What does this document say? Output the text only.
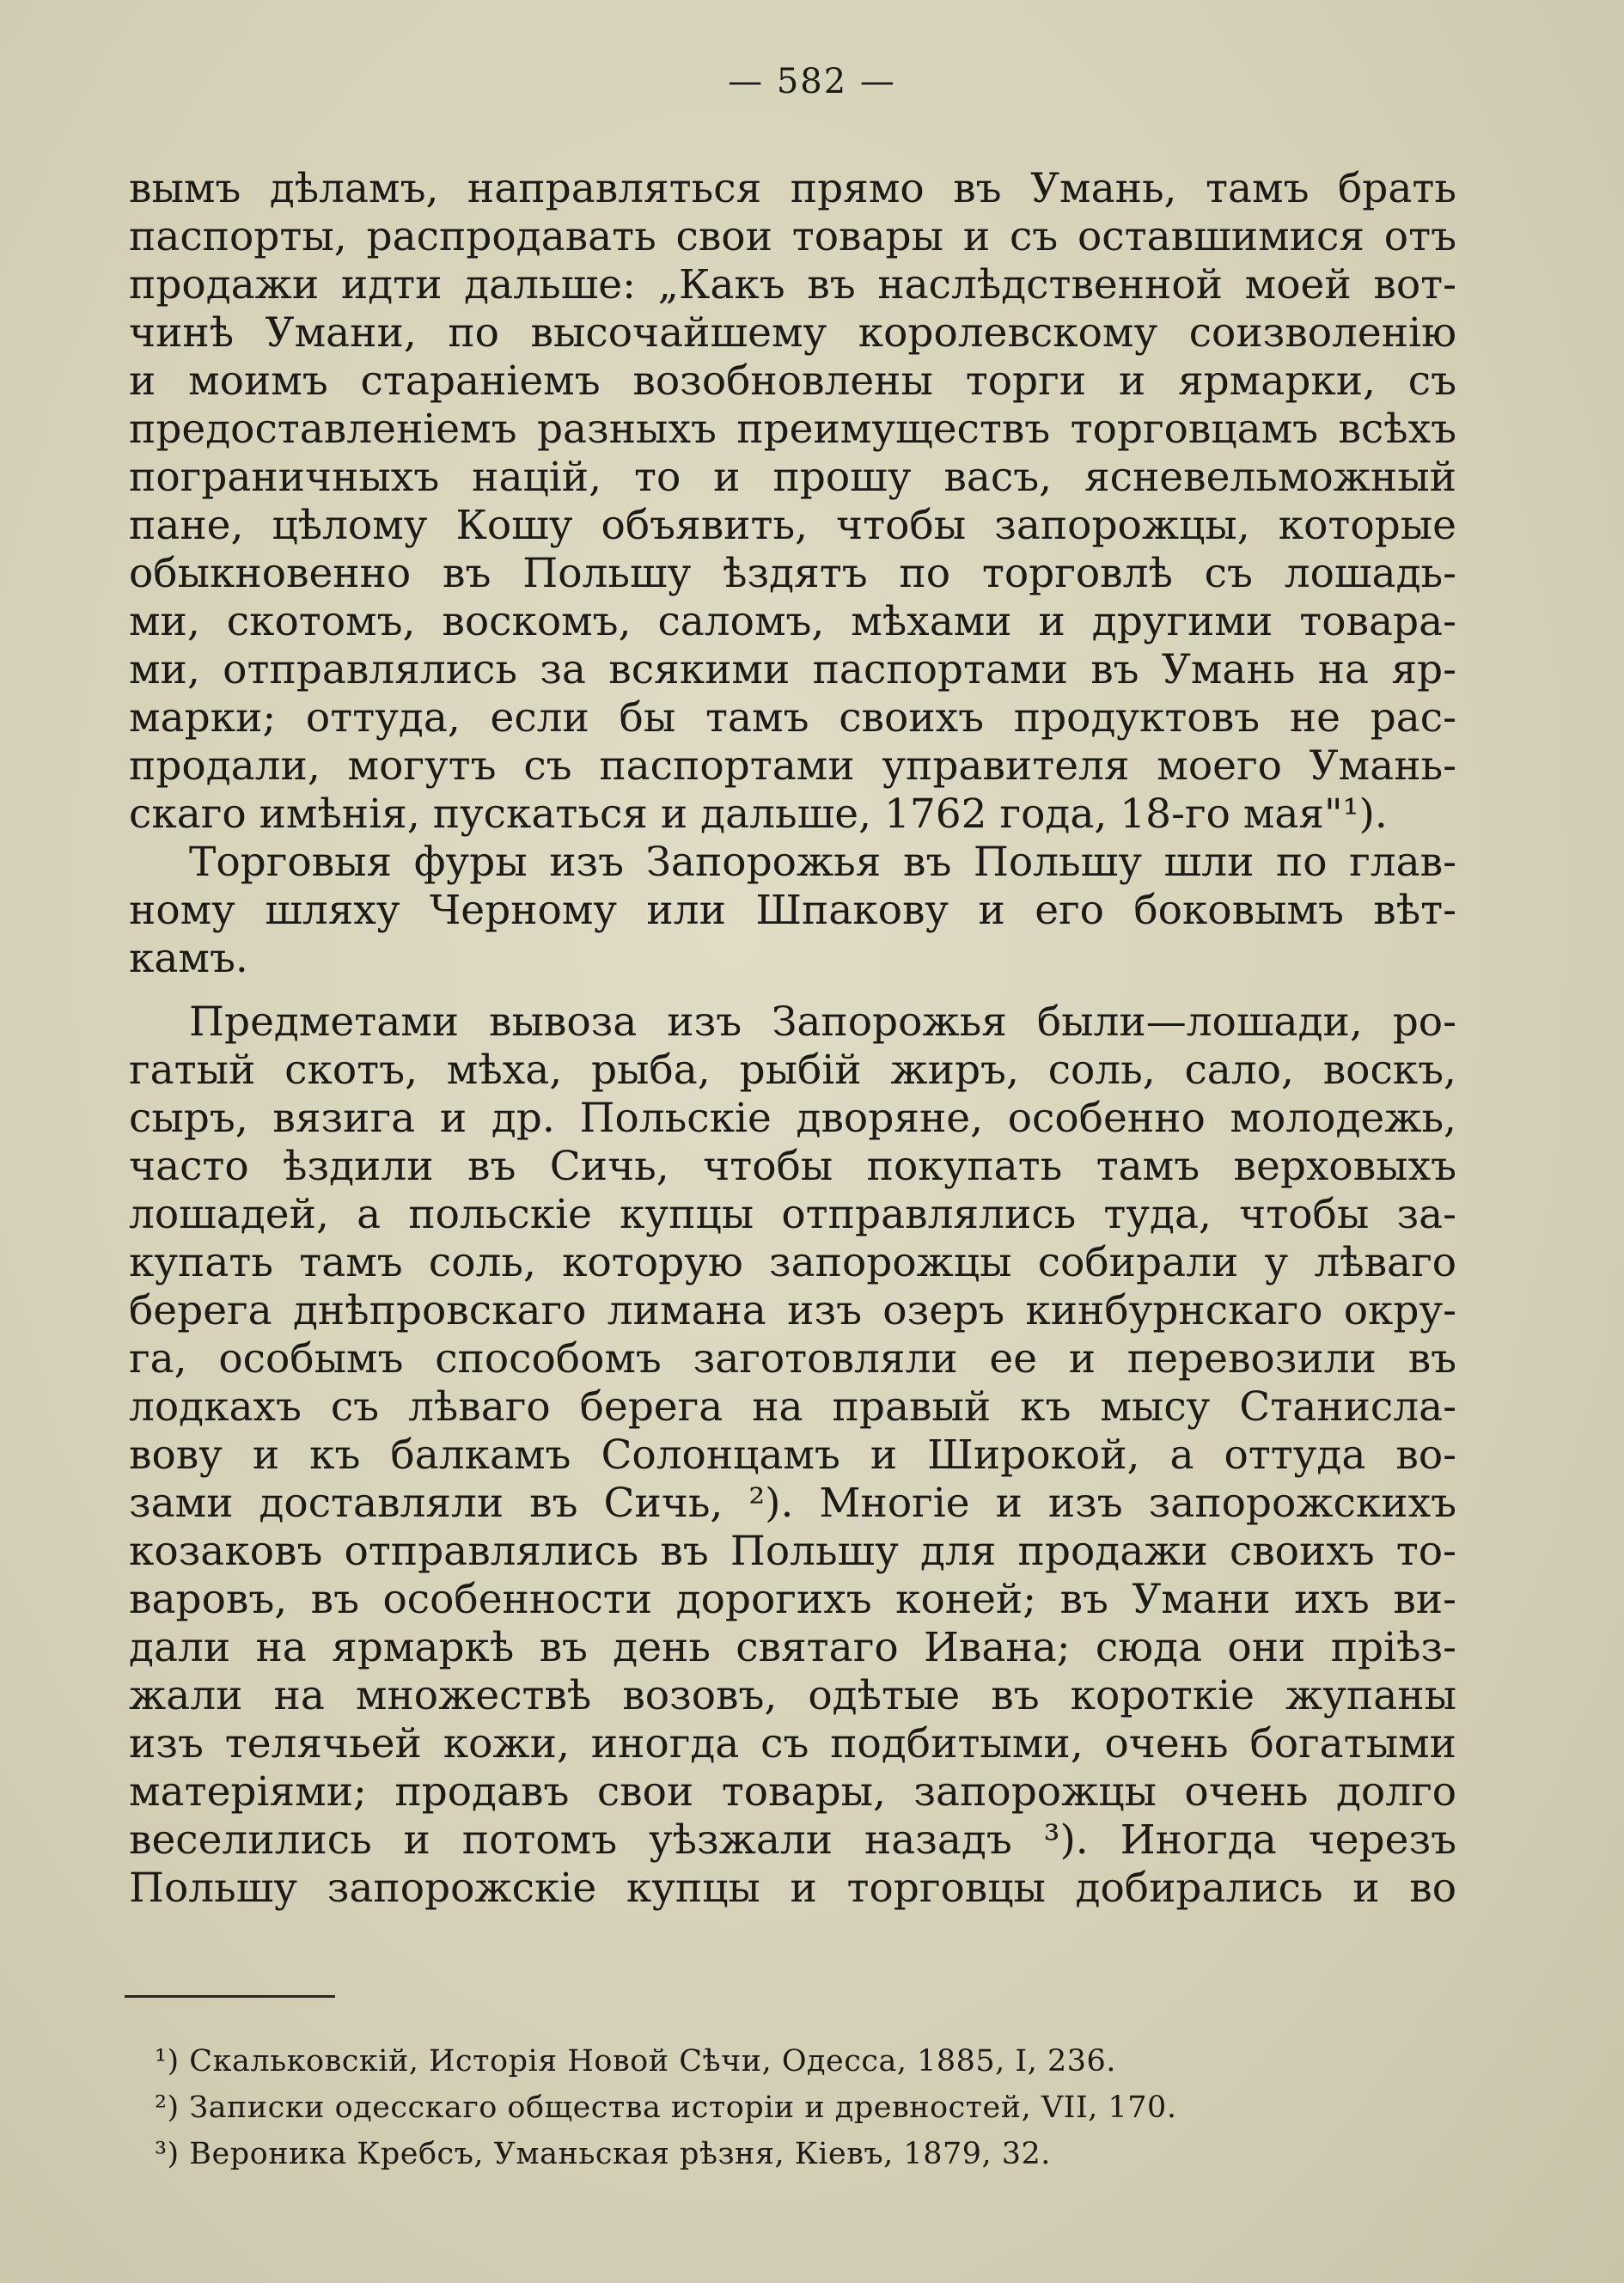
— 582 —
вымъ дѣламъ, направляться прямо въ Умань, тамъ брать
паспорты, распродавать свои товары и съ оставшимися отъ
продажи идти дальше: „Какъ въ наслѣдственной моей вот-
чинѣ Умани, по высочайшему королевскому соизволенію
и моимъ стараніемъ возобновлены торги и ярмарки, съ
предоставленіемъ разныхъ преимуществъ торговцамъ всѣхъ
пограничныхъ націй, то и прошу васъ, ясневельможный
пане, цѣлому Кошу объявить, чтобы запорожцы, которые
обыкновенно въ Польшу ѣздятъ по торговлѣ съ лошадь-
ми, скотомъ, воскомъ, саломъ, мѣхами и другими товара-
ми, отправлялись за всякими паспортами въ Умань на яр-
марки; оттуда, если бы тамъ своихъ продуктовъ не рас-
продали, могутъ съ паспортами управителя моего Умань-
скаго имѣнія, пускаться и дальше, 1762 года, 18-го мая"¹).
Торговыя фуры изъ Запорожья въ Польшу шли по глав-
ному шляху Черному или Шпакову и его боковымъ вѣт-
камъ.
Предметами вывоза изъ Запорожья были—лошади, ро-
гатый скотъ, мѣха, рыба, рыбій жиръ, соль, сало, воскъ,
сыръ, вязига и др. Польскіе дворяне, особенно молодежь,
часто ѣздили въ Сичь, чтобы покупать тамъ верховыхъ
лошадей, а польскіе купцы отправлялись туда, чтобы за-
купать тамъ соль, которую запорожцы собирали у лѣваго
берега днѣпровскаго лимана изъ озеръ кинбурнскаго окру-
га, особымъ способомъ заготовляли ее и перевозили въ
лодкахъ съ лѣваго берега на правый къ мысу Станисла-
вову и къ балкамъ Солонцамъ и Широкой, а оттуда во-
зами доставляли въ Сичь, ²). Многіе и изъ запорожскихъ
козаковъ отправлялись въ Польшу для продажи своихъ то-
варовъ, въ особенности дорогихъ коней; въ Умани ихъ ви-
дали на ярмаркѣ въ день святаго Ивана; сюда они пріѣз-
жали на множествѣ возовъ, одѣтые въ короткіе жупаны
изъ телячьей кожи, иногда съ подбитыми, очень богатыми
матеріями; продавъ свои товары, запорожцы очень долго
веселились и потомъ уѣзжали назадъ ³). Иногда черезъ
Польшу запорожскіе купцы и торговцы добирались и во
¹) Скальковскій, Исторія Новой Сѣчи, Одесса, 1885, I, 236.
²) Записки одесскаго общества исторіи и древностей, VII, 170.
³) Вероника Кребсъ, Уманьская рѣзня, Кіевъ, 1879, 32.
